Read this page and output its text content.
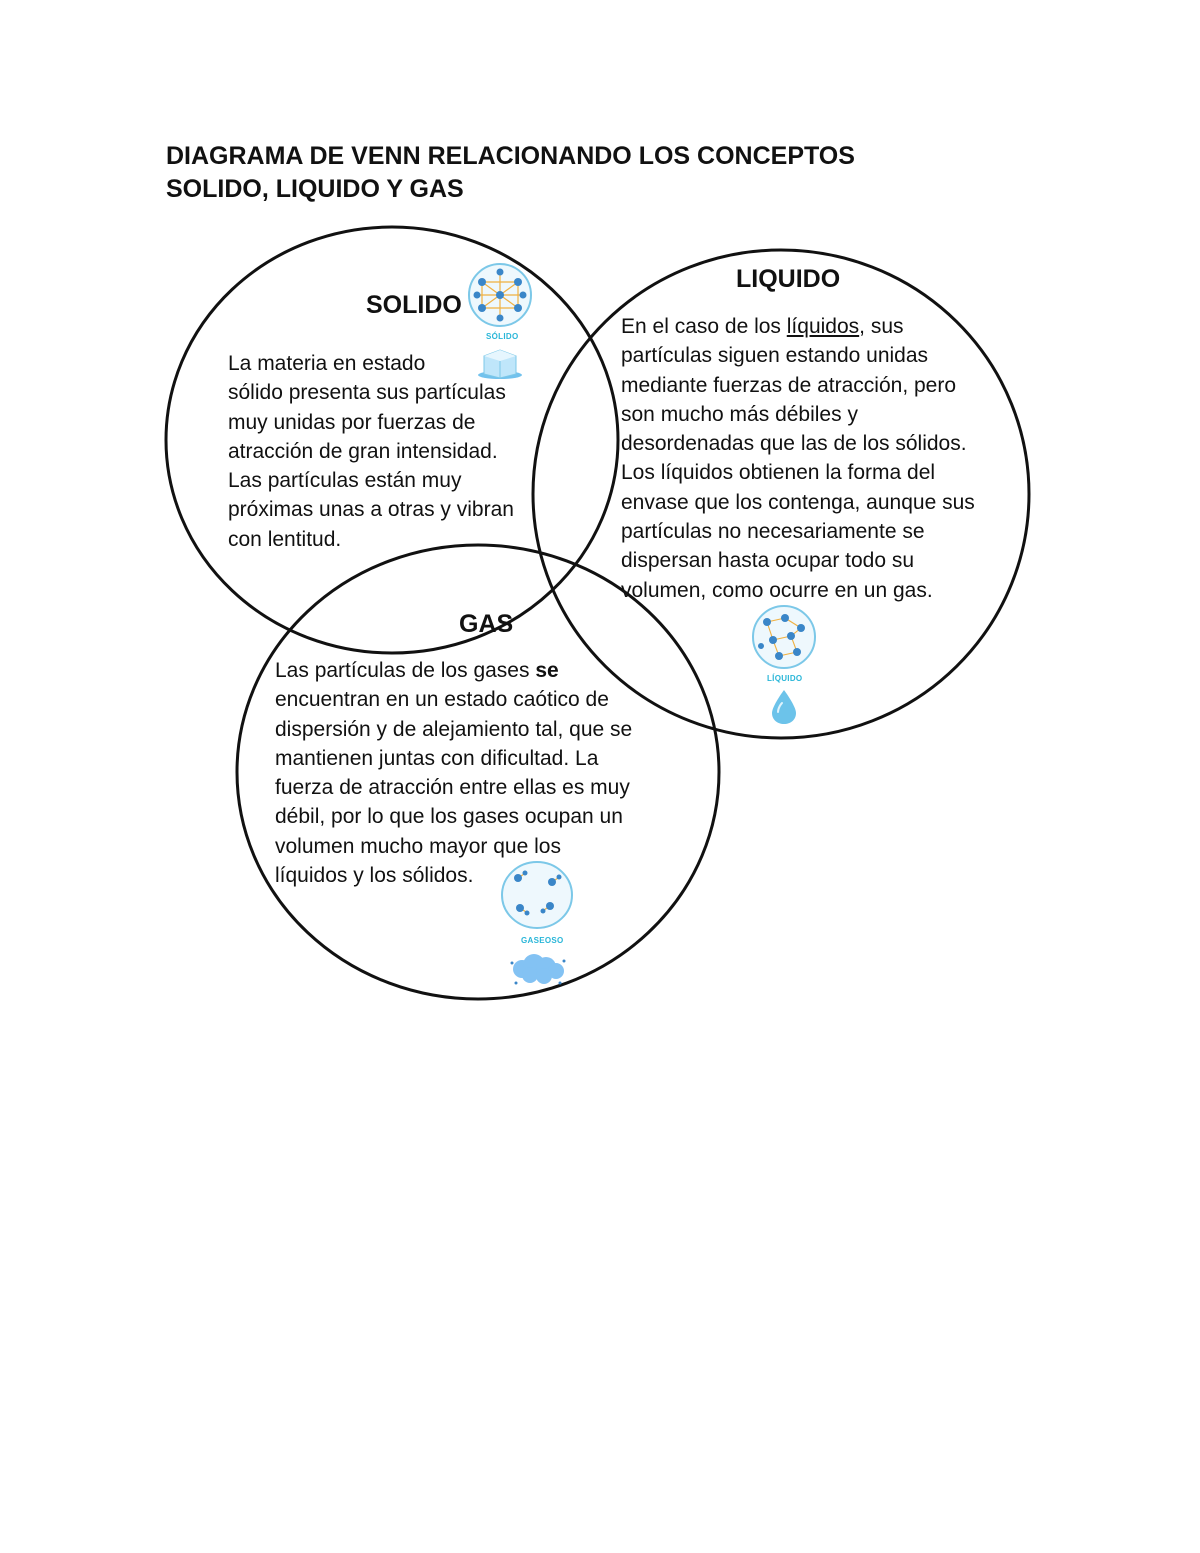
DIAGRAMA DE VENN RELACIONANDO LOS CONCEPTOS
SOLIDO, LIQUIDO Y GAS
SOLIDO
SÓLIDO

La materia en estado
sólido presenta sus partículas
muy unidas por fuerzas de
atracción de gran intensidad.
Las partículas están muy
próximas unas a otras y vibran
con lentitud.

LIQUIDO

En el caso de los líquidos, sus
partículas siguen estando unidas
mediante fuerzas de atracción, pero
son mucho más débiles y
desordenadas que las de los sólidos.
Los líquidos obtienen la forma del
envase que los contenga, aunque sus
partículas no necesariamente se
dispersan hasta ocupar todo su
volumen, como ocurre en un gas.

LÍQUIDO
GAS

Las partículas de los gases se
encuentran en un estado caótico de
dispersión y de alejamiento tal, que se
mantienen juntas con dificultad. La
fuerza de atracción entre ellas es muy
débil, por lo que los gases ocupan un
volumen mucho mayor que los
líquidos y los sólidos.

GASEOSO
